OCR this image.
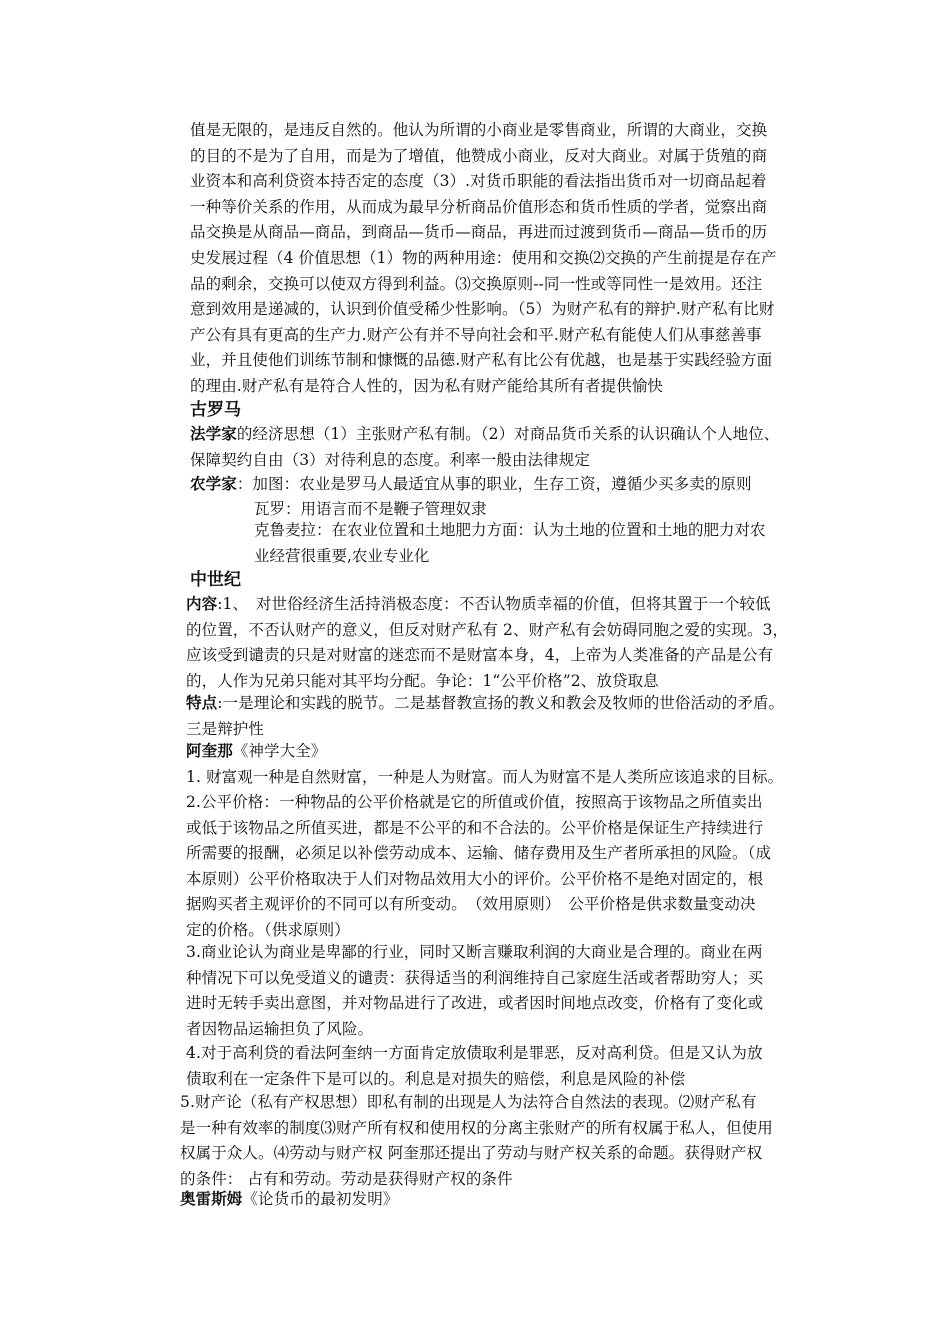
值是无限的，是违反自然的。他认为所谓的小商业是零售商业，所谓的大商业，交换
的目的不是为了自用，而是为了增值，他赞成小商业，反对大商业。对属于货殖的商
业资本和高利贷资本持否定的态度（3）.对货币职能的看法指出货币对一切商品起着
一种等价关系的作用，从而成为最早分析商品价值形态和货币性质的学者，觉察出商
品交换是从商品—商品，到商品—货币—商品，再进而过渡到货币—商品—货币的历
史发展过程（4 价值思想（1）物的两种用途：使用和交换⑵交换的产生前提是存在产
品的剩余，交换可以使双方得到利益。⑶交换原则--同一性或等同性一是效用。还注
意到效用是递减的，认识到价值受稀少性影响。（5）为财产私有的辩护.财产私有比财
产公有具有更高的生产力.财产公有并不导向社会和平.财产私有能使人们从事慈善事
业，并且使他们训练节制和慷慨的品德.财产私有比公有优越，也是基于实践经验方面
的理由.财产私有是符合人性的，因为私有财产能给其所有者提供愉快
古罗马
法学家的经济思想（1）主张财产私有制。（2）对商品货币关系的认识确认个人地位、
保障契约自由（3）对待利息的态度。利率一般由法律规定
农学家：加图：农业是罗马人最适宜从事的职业，生存工资，遵循少买多卖的原则
瓦罗：用语言而不是鞭子管理奴隶
克鲁麦拉：在农业位置和土地肥力方面：认为土地的位置和土地的肥力对农
业经营很重要,农业专业化
中世纪
内容:1、　对世俗经济生活持消极态度：不否认物质幸福的价值，但将其置于一个较低
的位置，不否认财产的意义，但反对财产私有 2、财产私有会妨碍同胞之爱的实现。3，
应该受到谴责的只是对财富的迷恋而不是财富本身，4，上帝为人类准备的产品是公有
的，人作为兄弟只能对其平均分配。争论：1“公平价格”2、放贷取息
特点:一是理论和实践的脱节。二是基督教宣扬的教义和教会及牧师的世俗活动的矛盾。
三是辩护性
阿奎那《神学大全》
1. 财富观一种是自然财富，一种是人为财富。而人为财富不是人类所应该追求的目标。
2.公平价格：一种物品的公平价格就是它的所值或价值，按照高于该物品之所值卖出
或低于该物品之所值买进，都是不公平的和不合法的。公平价格是保证生产持续进行
所需要的报酬，必须足以补偿劳动成本、运输、储存费用及生产者所承担的风险。（成
本原则）公平价格取决于人们对物品效用大小的评价。公平价格不是绝对固定的，根
据购买者主观评价的不同可以有所变动。　（效用原则）　公平价格是供求数量变动决
定的价格。（供求原则）
3.商业论认为商业是卑鄙的行业，同时又断言赚取利润的大商业是合理的。商业在两
种情况下可以免受道义的谴责：获得适当的利润维持自己家庭生活或者帮助穷人；买
进时无转手卖出意图，并对物品进行了改进，或者因时间地点改变，价格有了变化或
者因物品运输担负了风险。
4.对于高利贷的看法阿奎纳一方面肯定放债取利是罪恶，反对高利贷。但是又认为放
债取利在一定条件下是可以的。利息是对损失的赔偿，利息是风险的补偿
5.财产论（私有产权思想）即私有制的出现是人为法符合自然法的表现。⑵财产私有
是一种有效率的制度⑶财产所有权和使用权的分离主张财产的所有权属于私人，但使用
权属于众人。⑷劳动与财产权 阿奎那还提出了劳动与财产权关系的命题。获得财产权
的条件： 占有和劳动。劳动是获得财产权的条件
奥雷斯姆《论货币的最初发明》
